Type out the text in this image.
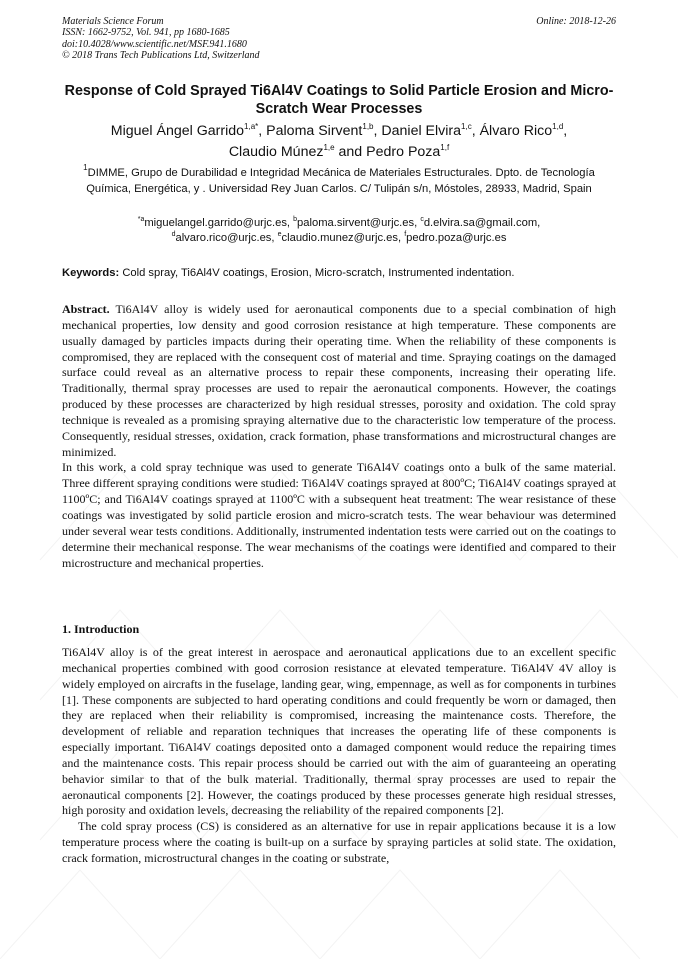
Materials Science Forum
ISSN: 1662-9752, Vol. 941, pp 1680-1685
doi:10.4028/www.scientific.net/MSF.941.1680
© 2018 Trans Tech Publications Ltd, Switzerland
Online: 2018-12-26
Response of Cold Sprayed Ti6Al4V Coatings to Solid Particle Erosion and Micro-Scratch Wear Processes
Miguel Ángel Garrido$^{1,a*}$, Paloma Sirvent$^{1,b}$, Daniel Elvira$^{1,c}$, Álvaro Rico$^{1,d}$,
Claudio Múnez$^{1,e}$ and Pedro Poza$^{1,f}$
$^1$DIMME, Grupo de Durabilidad e Integridad Mecánica de Materiales Estructurales. Dpto. de Tecnología Química, Energética, y . Universidad Rey Juan Carlos. C/ Tulipán s/n, Móstoles, 28933, Madrid, Spain
$^{*a}$miguelangel.garrido@urjc.es, $^b$paloma.sirvent@urjc.es, $^c$d.elvira.sa@gmail.com,
$^d$alvaro.rico@urjc.es, $^e$claudio.munez@urjc.es, $^f$pedro.poza@urjc.es
Keywords: Cold spray, Ti6Al4V coatings, Erosion, Micro-scratch, Instrumented indentation.

Abstract. Ti6Al4V alloy is widely used for aeronautical components due to a special combination of high mechanical properties, low density and good corrosion resistance at high temperature. These components are usually damaged by particles impacts during their operating time. When the reliability of these components is compromised, they are replaced with the consequent cost of material and time. Spraying coatings on the damaged surface could reveal as an alternative process to repair these components, increasing their operating life. Traditionally, thermal spray processes are used to repair the aeronautical components. However, the coatings produced by these processes are characterized by high residual stresses, porosity and oxidation. The cold spray technique is revealed as a promising spraying alternative due to the characteristic low temperature of the process. Consequently, residual stresses, oxidation, crack formation, phase transformations and microstructural changes are minimized.

In this work, a cold spray technique was used to generate Ti6Al4V coatings onto a bulk of the same material. Three different spraying conditions were studied: Ti6Al4V coatings sprayed at 800ºC; Ti6Al4V coatings sprayed at 1100ºC; and Ti6Al4V coatings sprayed at 1100ºC with a subsequent heat treatment: The wear resistance of these coatings was investigated by solid particle erosion and micro-scratch tests. The wear behaviour was determined under several wear tests conditions. Additionally, instrumented indentation tests were carried out on the coatings to determine their mechanical response. The wear mechanisms of the coatings were identified and compared to their microstructure and mechanical properties.

1. Introduction

Ti6Al4V alloy is of the great interest in aerospace and aeronautical applications due to an excellent specific mechanical properties combined with good corrosion resistance at elevated temperature. Ti6Al4V 4V alloy is widely employed on aircrafts in the fuselage, landing gear, wing, empennage, as well as for components in turbines [1]. These components are subjected to hard operating conditions and could frequently be worn or damaged, then they are replaced when their reliability is compromised, increasing the maintenance costs. Therefore, the development of reliable and reparation techniques that increases the operating life of these components is especially important. Ti6Al4V coatings deposited onto a damaged component would reduce the repairing times and the maintenance costs. This repair process should be carried out with the aim of guaranteeing an operating behavior similar to that of the bulk material. Traditionally, thermal spray processes are used to repair the aeronautical components [2]. However, the coatings produced by these processes generate high residual stresses, high porosity and oxidation levels, decreasing the reliability of the repaired components [2].

The cold spray process (CS) is considered as an alternative for use in repair applications because it is a low temperature process where the coating is built-up on a surface by spraying particles at solid state. The oxidation, crack formation, microstructural changes in the coating or substrate,
